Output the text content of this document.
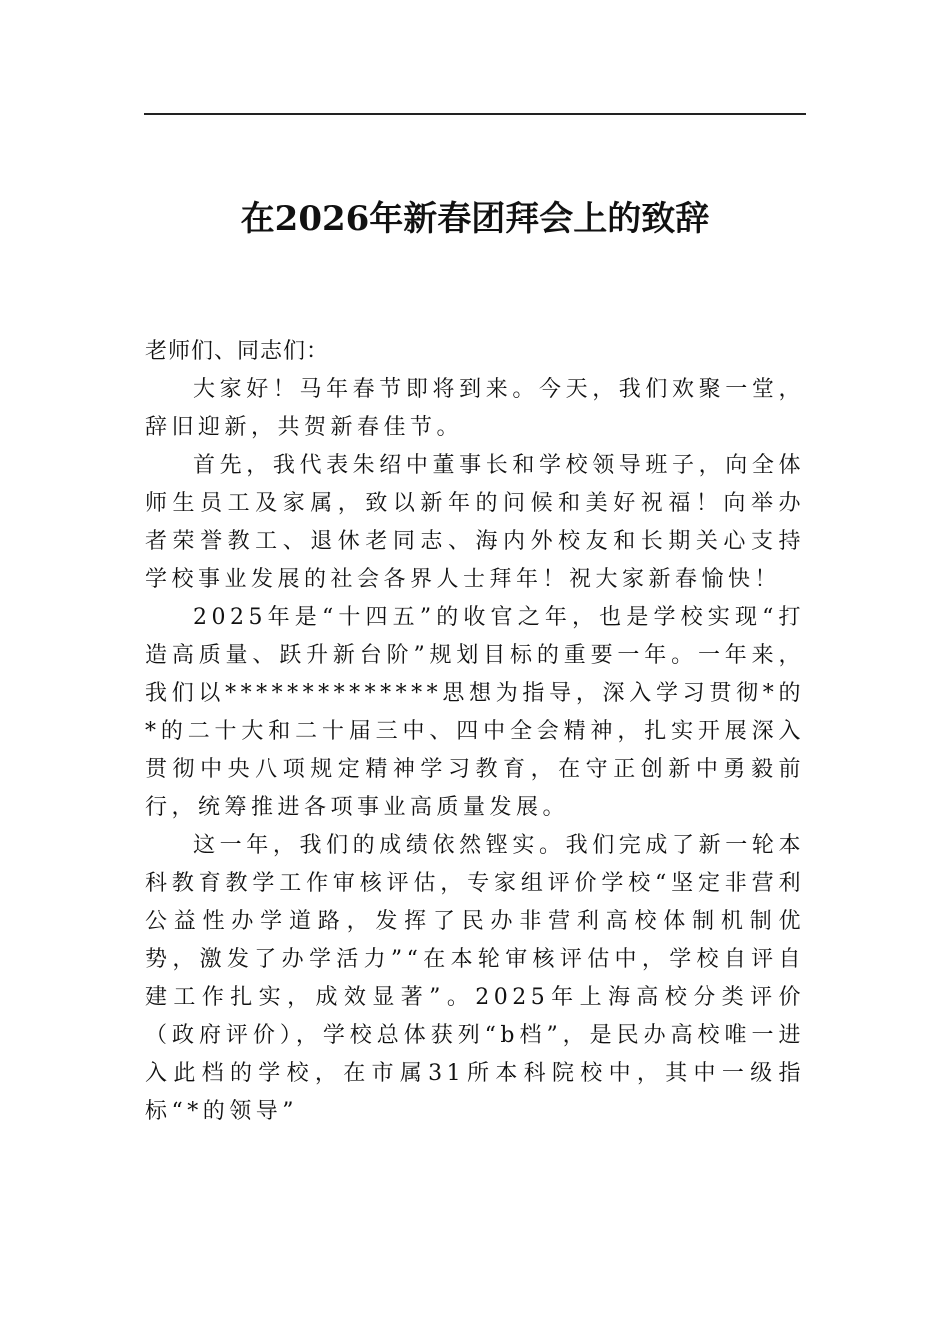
在2026年新春团拜会上的致辞

老师们、同志们：

大家好！马年春节即将到来。今天，我们欢聚一堂，辞旧迎新，共贺新春佳节。

首先，我代表朱绍中董事长和学校领导班子，向全体师生员工及家属，致以新年的问候和美好祝福！向举办者荣誉教工、退休老同志、海内外校友和长期关心支持学校事业发展的社会各界人士拜年！祝大家新春愉快！

2025年是“十四五”的收官之年，也是学校实现“打造高质量、跃升新台阶”规划目标的重要一年。一年来，我们以**************思想为指导，深入学习贯彻*的*的二十大和二十届三中、四中全会精神，扎实开展深入贯彻中央八项规定精神学习教育，在守正创新中勇毅前行，统筹推进各项事业高质量发展。

这一年，我们的成绩依然铿实。我们完成了新一轮本科教育教学工作审核评估，专家组评价学校“坚定非营利公益性办学道路，发挥了民办非营利高校体制机制优势，激发了办学活力”“在本轮审核评估中，学校自评自建工作扎实，成效显著”。2025年上海高校分类评价（政府评价），学校总体获列“b档”，是民办高校唯一进入此档的学校，在市属31所本科院校中，其中一级指标“*的领导”
